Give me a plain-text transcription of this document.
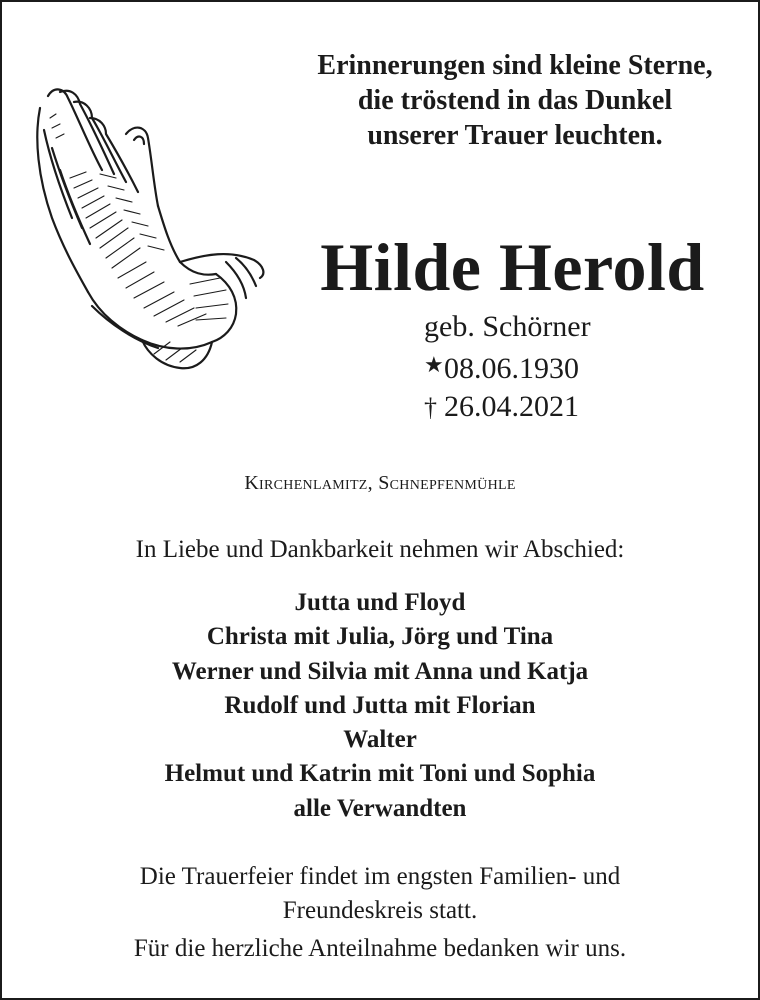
Erinnerungen sind kleine Sterne,
die tröstend in das Dunkel
unserer Trauer leuchten.
Hilde Herold
geb. Schörner
★08.06.1930
† 26.04.2021
Kirchenlamitz, Schnepfenmühle
In Liebe und Dankbarkeit nehmen wir Abschied:
Jutta und Floyd
Christa mit Julia, Jörg und Tina
Werner und Silvia mit Anna und Katja
Rudolf und Jutta mit Florian
Walter
Helmut und Katrin mit Toni und Sophia
alle Verwandten
Die Trauerfeier findet im engsten Familien- und
Freundeskreis statt.
Für die herzliche Anteilnahme bedanken wir uns.
